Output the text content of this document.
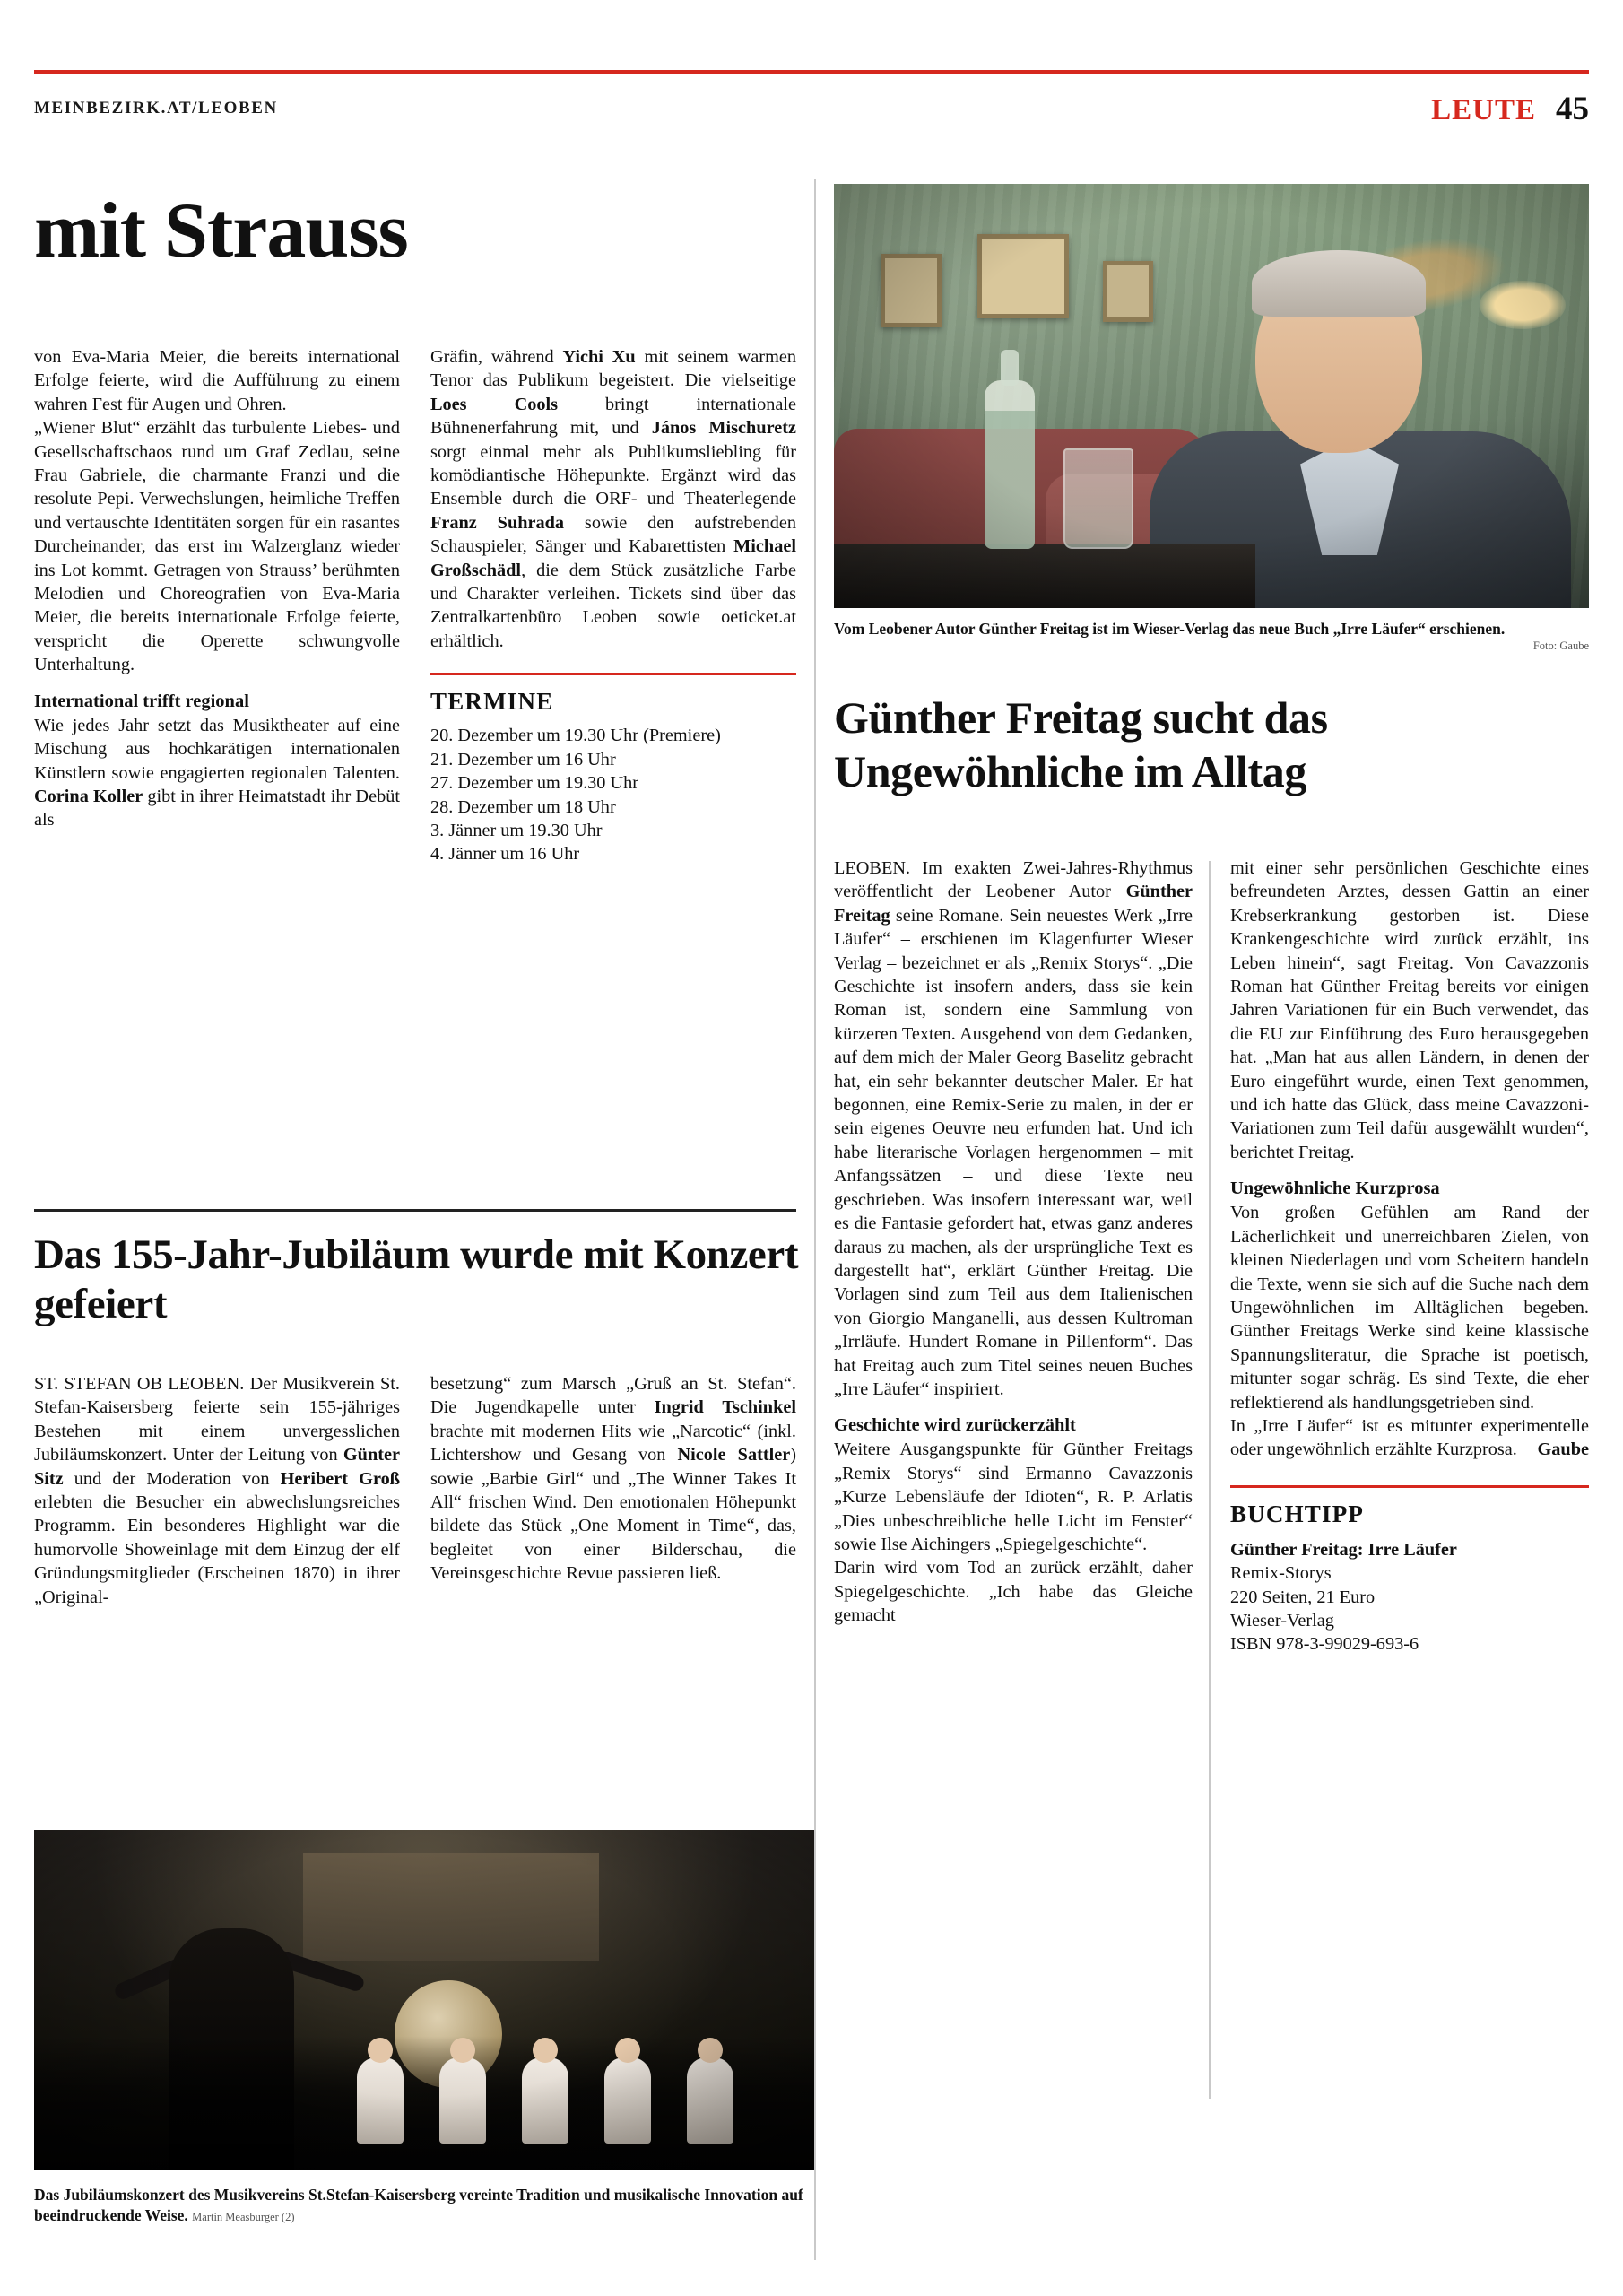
MEINBEZIRK.AT/LEOBEN	LEUTE 45
mit Strauss

von Eva-Maria Meier, die bereits international Erfolge feierte, wird die Aufführung zu einem wahren Fest für Augen und Ohren.

„Wiener Blut“ erzählt das turbulente Liebes- und Gesellschaftschaos rund um Graf Zedlau, seine Frau Gabriele, die charmante Franzi und die resolute Pepi. Verwechslungen, heimliche Treffen und vertauschte Identitäten sorgen für ein rasantes Durcheinander, das erst im Walzerglanz wieder ins Lot kommt. Getragen von Strauss’ berühmten Melodien und Choreografien von Eva-Maria Meier, die bereits internationale Erfolge feierte, verspricht die Operette schwungvolle Unterhaltung.

International trifft regional

Wie jedes Jahr setzt das Musiktheater auf eine Mischung aus hochkarätigen internationalen Künstlern sowie engagierten regionalen Talenten. Corina Koller gibt in ihrer Heimatstadt ihr Debüt als

Gräfin, während Yichi Xu mit seinem warmen Tenor das Publikum begeistert. Die vielseitige Loes Cools bringt internationale Bühnenerfahrung mit, und János Mischuretz sorgt einmal mehr als Publikumsliebling für komödiantische Höhepunkte. Ergänzt wird das Ensemble durch die ORF- und Theaterlegende Franz Suhrada sowie den aufstrebenden Schauspieler, Sänger und Kabarettisten Michael Großschädl, die dem Stück zusätzliche Farbe und Charakter verleihen. Tickets sind über das Zentralkartenbüro Leoben sowie oeticket.at erhältlich.

TERMINE

20. Dezember um 19.30 Uhr (Premiere)

21. Dezember um 16 Uhr

27. Dezember um 19.30 Uhr

28. Dezember um 18 Uhr

3. Jänner um 19.30 Uhr

4. Jänner um 16 Uhr

Das 155-Jahr-Jubiläum wurde mit Konzert gefeiert

ST. STEFAN OB LEOBEN. Der Musikverein St. Stefan-Kaisersberg feierte sein 155-jähriges Bestehen mit einem unvergesslichen Jubiläumskonzert. Unter der Leitung von Günter Sitz und der Moderation von Heribert Groß erlebten die Besucher ein abwechslungsreiches Programm. Ein besonderes Highlight war die humorvolle Showeinlage mit dem Einzug der elf Gründungsmitglieder (Erscheinen 1870) in ihrer „Original-

besetzung“ zum Marsch „Gruß an St. Stefan“. Die Jugendkapelle unter Ingrid Tschinkel brachte mit modernen Hits wie „Narcotic“ (inkl. Lichtershow und Gesang von Nicole Sattler) sowie „Barbie Girl“ und „The Winner Takes It All“ frischen Wind. Den emotionalen Höhepunkt bildete das Stück „One Moment in Time“, das, begleitet von einer Bilderschau, die Vereinsgeschichte Revue passieren ließ.

Das Jubiläumskonzert des Musikvereins St.Stefan-Kaisersberg vereinte Tradition und musikalische Innovation auf beeindruckende Weise. Martin Measburger (2)
Vom Leobener Autor Günther Freitag ist im Wieser-Verlag das neue Buch „Irre Läufer“ erschienen.
Foto: Gaube
Günther Freitag sucht das Ungewöhnliche im Alltag

LEOBEN. Im exakten Zwei-Jahres-Rhythmus veröffentlicht der Leobener Autor Günther Freitag seine Romane. Sein neuestes Werk „Irre Läufer“ – erschienen im Klagenfurter Wieser Verlag – bezeichnet er als „Remix Storys“. „Die Geschichte ist insofern anders, dass sie kein Roman ist, sondern eine Sammlung von kürzeren Texten. Ausgehend von dem Gedanken, auf dem mich der Maler Georg Baselitz gebracht hat, ein sehr bekannter deutscher Maler. Er hat begonnen, eine Remix-Serie zu malen, in der er sein eigenes Oeuvre neu erfunden hat. Und ich habe literarische Vorlagen hergenommen – mit Anfangssätzen – und diese Texte neu geschrieben. Was insofern interessant war, weil es die Fantasie gefordert hat, etwas ganz anderes daraus zu machen, als der ursprüngliche Text es dargestellt hat“, erklärt Günther Freitag. Die Vorlagen sind zum Teil aus dem Italienischen von Giorgio Manganelli, aus dessen Kultroman „Irrläufe. Hundert Romane in Pillenform“. Das hat Freitag auch zum Titel seines neuen Buches „Irre Läufer“ inspiriert.

Geschichte wird zurückerzählt

Weitere Ausgangspunkte für Günther Freitags „Remix Storys“ sind Ermanno Cavazzonis „Kurze Lebensläufe der Idioten“, R. P. Arlatis „Dies unbeschreibliche helle Licht im Fenster“ sowie Ilse Aichingers „Spiegelgeschichte“.

Darin wird vom Tod an zurück erzählt, daher Spiegelgeschichte. „Ich habe das Gleiche gemacht

mit einer sehr persönlichen Geschichte eines befreundeten Arztes, dessen Gattin an einer Krebserkrankung gestorben ist. Diese Krankengeschichte wird zurück erzählt, ins Leben hinein“, sagt Freitag. Von Cavazzonis Roman hat Günther Freitag bereits vor einigen Jahren Variationen für ein Buch verwendet, das die EU zur Einführung des Euro herausgegeben hat. „Man hat aus allen Ländern, in denen der Euro eingeführt wurde, einen Text genommen, und ich hatte das Glück, dass meine Cavazzoni-Variationen zum Teil dafür ausgewählt wurden“, berichtet Freitag.

Ungewöhnliche Kurzprosa

Von großen Gefühlen am Rand der Lächerlichkeit und unerreichbaren Zielen, von kleinen Niederlagen und vom Scheitern handeln die Texte, wenn sie sich auf die Suche nach dem Ungewöhnlichen im Alltäglichen begeben. Günther Freitags Werke sind keine klassische Spannungsliteratur, die Sprache ist poetisch, mitunter sogar schräg. Es sind Texte, die eher reflektierend als handlungsgetrieben sind.

In „Irre Läufer“ ist es mitunter experimentelle oder ungewöhnlich erzählte Kurzprosa. Gaube

BUCHTIPP

Günther Freitag: Irre Läufer

Remix-Storys

220 Seiten, 21 Euro

Wieser-Verlag

ISBN 978-3-99029-693-6
